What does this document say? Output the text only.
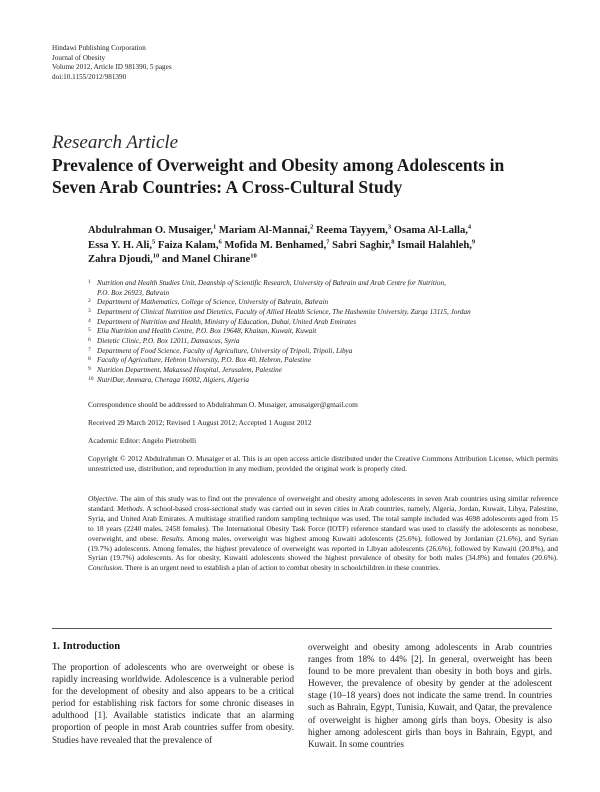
Hindawi Publishing Corporation
Journal of Obesity
Volume 2012, Article ID 981390, 5 pages
doi:10.1155/2012/981390
Research Article
Prevalence of Overweight and Obesity among Adolescents in
Seven Arab Countries: A Cross-Cultural Study
Abdulrahman O. Musaiger,$^1$ Mariam Al-Mannai,$^2$ Reema Tayyem,$^3$ Osama Al-Lalla,$^4$
Essa Y. H. Ali,$^5$ Faiza Kalam,$^6$ Mofida M. Benhamed,$^7$ Sabri Saghir,$^8$ Ismail Halahleh,$^9$
Zahra Djoudi,$^{10}$ and Manel Chirane$^{10}$
1 Nutrition and Health Studies Unit, Deanship of Scientific Research, University of Bahrain and Arab Centre for Nutrition,
P.O. Box 26923, Bahrain
2 Department of Mathematics, College of Science, University of Bahrain, Bahrain
3 Department of Clinical Nutrition and Dietetics, Faculty of Allied Health Science, The Hashemite University, Zarqa 13115, Jordan
4 Department of Nutrition and Health, Ministry of Education, Dubai, United Arab Emirates
5 Elia Nutrition and Health Centre, P.O. Box 19648, Khaitan, Kuwait, Kuwait
6 Dietetic Clinic, P.O. Box 12011, Damascus, Syria
7 Department of Food Science, Faculty of Agriculture, University of Tripoli, Tripoli, Libya
8 Faculty of Agriculture, Hebron University, P.O. Box 40, Hebron, Palestine
9 Nutrition Department, Makassed Hospital, Jerusalem, Palestine
10 NutriDar, Ammara, Cheraga 16002, Algiers, Algeria
Correspondence should be addressed to Abdulrahman O. Musaiger, amusaiger@gmail.com
Received 29 March 2012; Revised 1 August 2012; Accepted 1 August 2012
Academic Editor: Angelo Pietrobelli
Copyright © 2012 Abdulrahman O. Musaiger et al. This is an open access article distributed under the Creative Commons Attribution License, which permits unrestricted use, distribution, and reproduction in any medium, provided the original work is properly cited.
Objective. The aim of this study was to find out the prevalence of overweight and obesity among adolescents in seven Arab countries using similar reference standard. Methods. A school-based cross-sectional study was carried out in seven cities in Arab countries, namely, Algeria, Jordan, Kuwait, Libya, Palestine, Syria, and United Arab Emirates. A multistage stratified random sampling technique was used. The total sample included was 4698 adolescents aged from 15 to 18 years (2240 males, 2458 females). The International Obesity Task Force (IOTF) reference standard was used to classify the adolescents as nonobese, overweight, and obese. Results. Among males, overweight was highest among Kuwaiti adolescents (25.6%), followed by Jordanian (21.6%), and Syrian (19.7%) adolescents. Among females, the highest prevalence of overweight was reported in Libyan adolescents (26.6%), followed by Kuwaiti (20.8%), and Syrian (19.7%) adolescents. As for obesity, Kuwaiti adolescents showed the highest prevalence of obesity for both males (34.8%) and females (20.6%). Conclusion. There is an urgent need to establish a plan of action to combat obesity in schoolchildren in these countries.
1. Introduction
The proportion of adolescents who are overweight or obese is rapidly increasing worldwide. Adolescence is a vulnerable period for the development of obesity and also appears to be a critical period for establishing risk factors for some chronic diseases in adulthood [1]. Available statistics indicate that an alarming proportion of people in most Arab countries suffer from obesity. Studies have revealed that the prevalence of
overweight and obesity among adolescents in Arab countries ranges from 18% to 44% [2]. In general, overweight has been found to be more prevalent than obesity in both boys and girls. However, the prevalence of obesity by gender at the adolescent stage (10–18 years) does not indicate the same trend. In countries such as Bahrain, Egypt, Tunisia, Kuwait, and Qatar, the prevalence of overweight is higher among girls than boys. Obesity is also higher among adolescent girls than boys in Bahrain, Egypt, and Kuwait. In some countries
